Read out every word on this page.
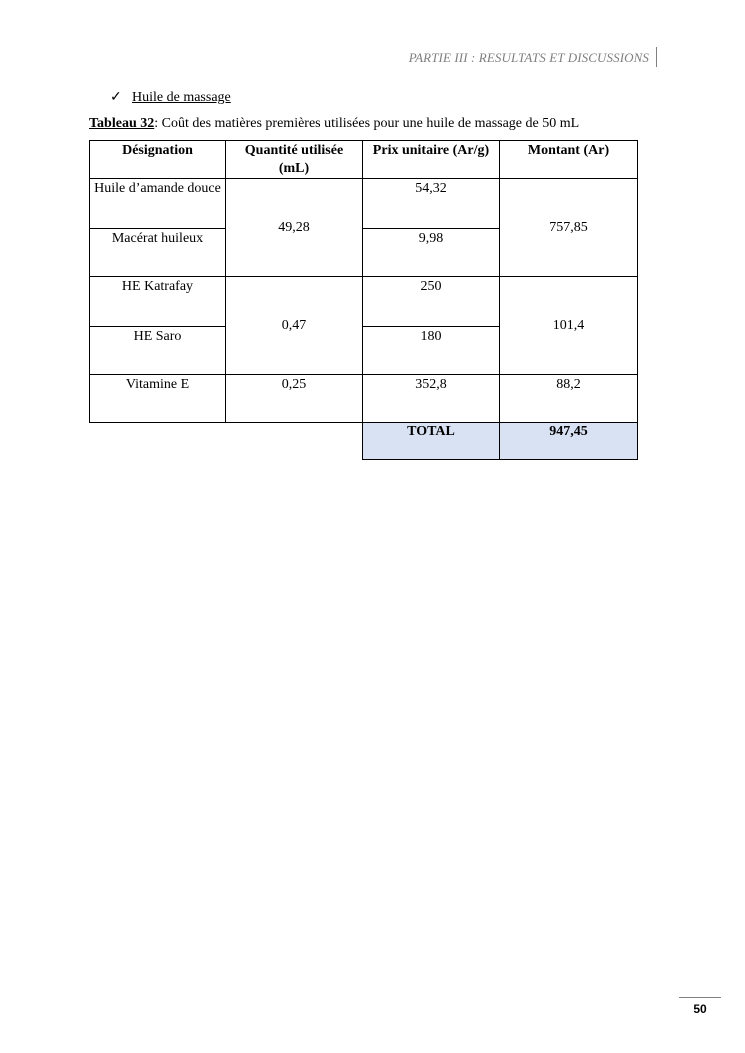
PARTIE III : RESULTATS ET DISCUSSIONS
✓ Huile de massage
Tableau 32: Coût des matières premières utilisées pour une huile de massage de 50 mL
Désignation	Quantité utilisée (mL)	Prix unitaire (Ar/g)	Montant (Ar)
Huile d’amande douce	49,28	54,32	757,85
Macérat huileux		9,98	
HE Katrafay	0,47	250	101,4
HE Saro		180	
Vitamine E	0,25	352,8	88,2
		TOTAL	947,45
50
